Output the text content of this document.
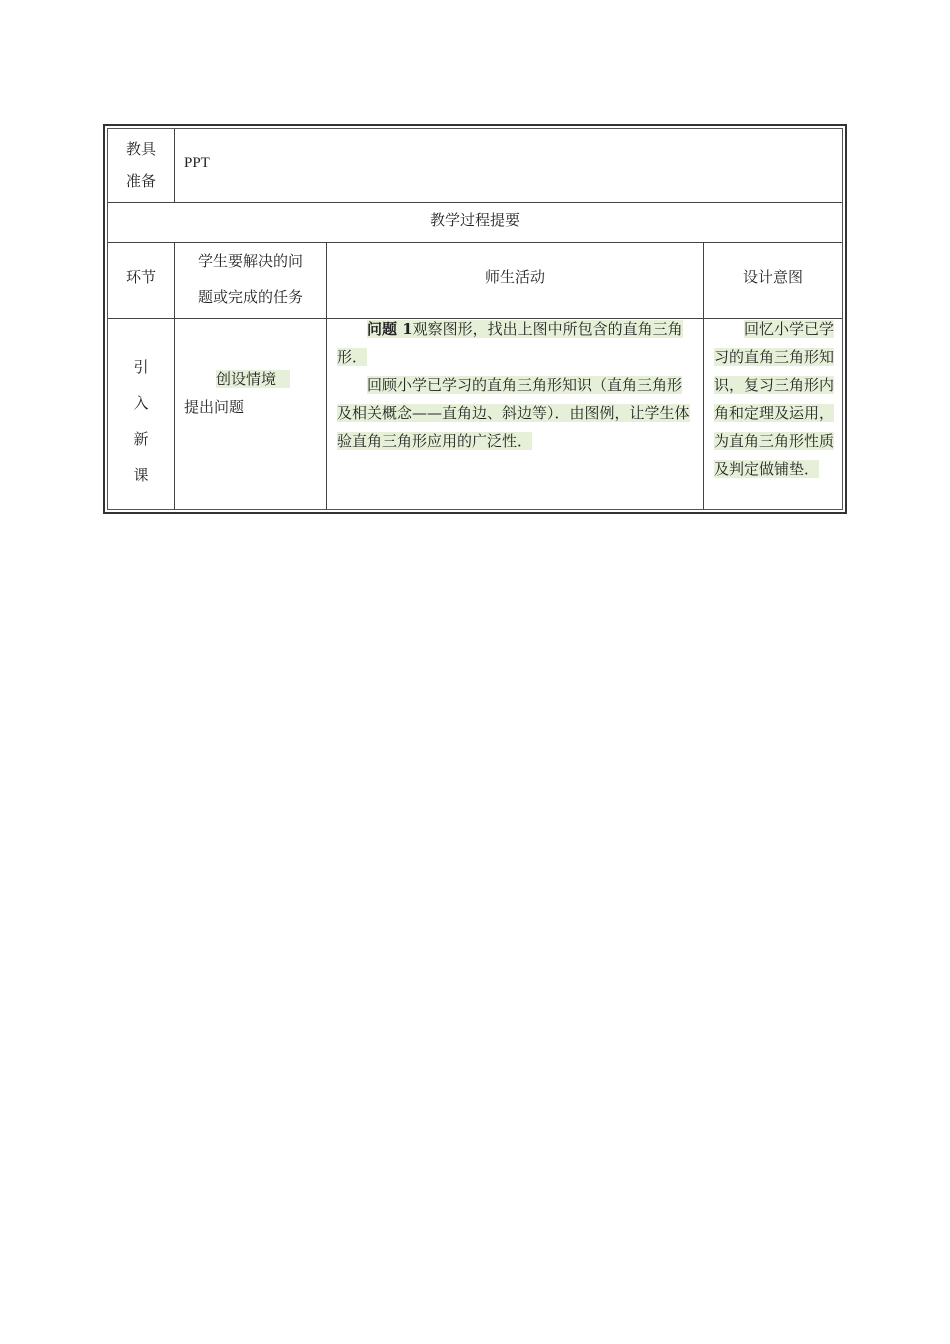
教具
准备
PPT
教学过程提要
环节
学生要解决的问
题或完成的任务
师生活动	设计意图
引
入
新
课
创设情境
提出问题

问题 1观察图形，找出上图中所包含的直角三角形．

回顾小学已学习的直角三角形知识（直角三角形及相关概念——直角边、斜边等）．由图例，让学生体验直角三角形应用的广泛性．

回忆小学已学习的直角三角形知识，复习三角形内角和定理及运用，为直角三角形性质及判定做铺垫．
